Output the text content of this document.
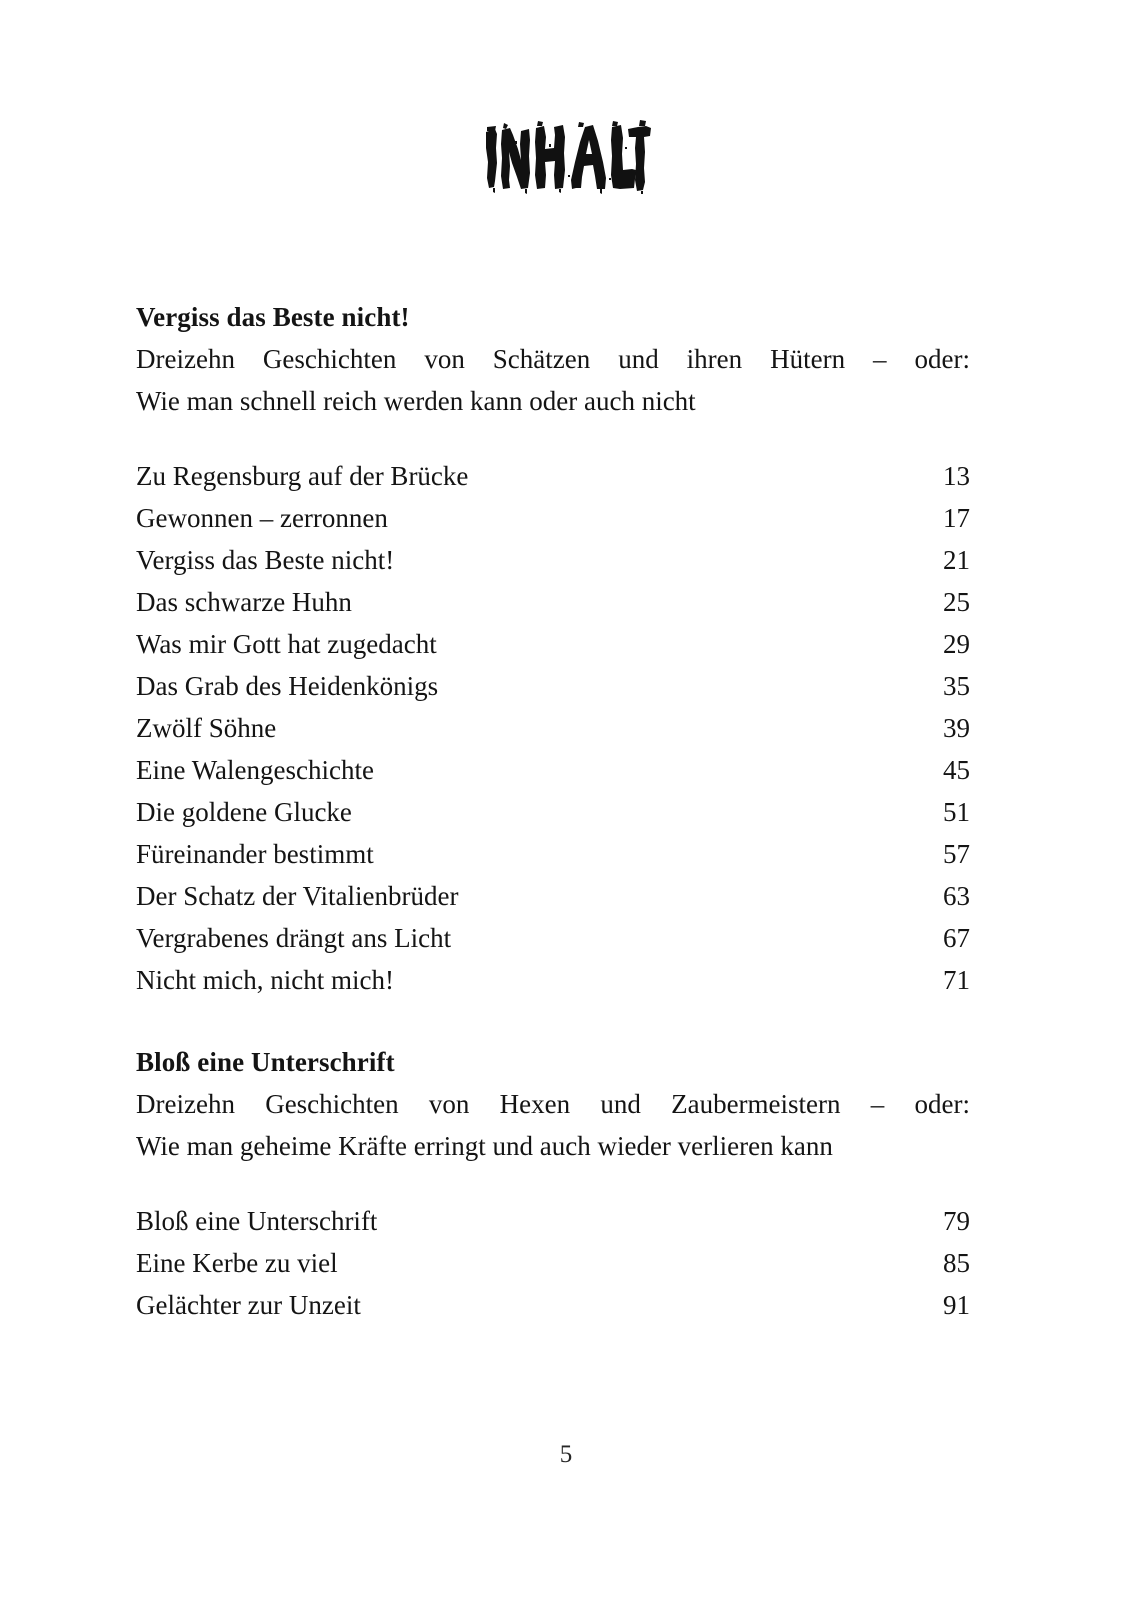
Vergiss das Beste nicht!
Dreizehn Geschichten von Schätzen und ihren Hütern – oder:
Wie man schnell reich werden kann oder auch nicht
Zu Regensburg auf der Brücke	13
Gewonnen – zerronnen	17
Vergiss das Beste nicht!	21
Das schwarze Huhn	25
Was mir Gott hat zugedacht	29
Das Grab des Heidenkönigs	35
Zwölf Söhne	39
Eine Walengeschichte	45
Die goldene Glucke	51
Füreinander bestimmt	57
Der Schatz der Vitalienbrüder	63
Vergrabenes drängt ans Licht	67
Nicht mich, nicht mich!	71
Bloß eine Unterschrift
Dreizehn Geschichten von Hexen und Zaubermeistern – oder:
Wie man geheime Kräfte erringt und auch wieder verlieren kann
Bloß eine Unterschrift	79
Eine Kerbe zu viel	85
Gelächter zur Unzeit	91
5
